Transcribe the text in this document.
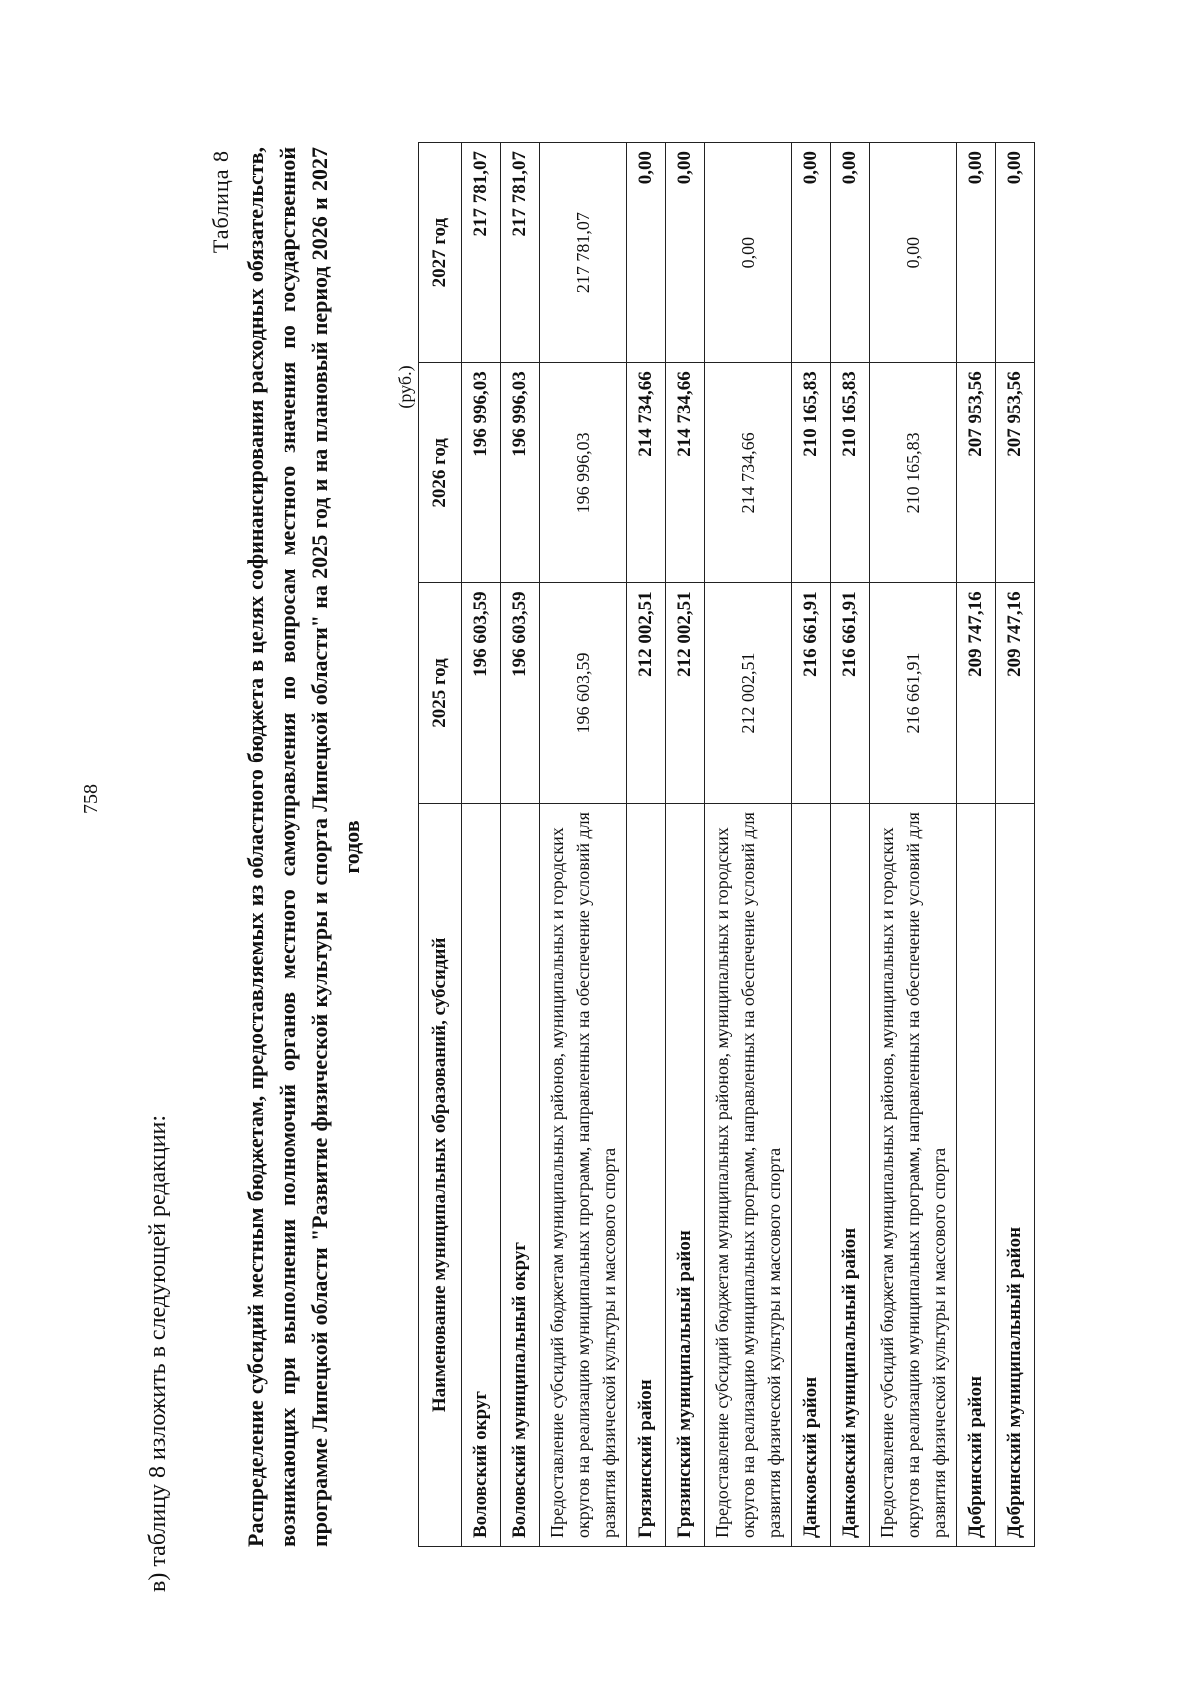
758
в) таблицу 8 изложить в следующей редакции:
Таблица 8 Распределение субсидий местным бюджетам, предоставляемых из областного бюджета в целях софинансирования расходных обязательств, возникающих при выполнении полномочий органов местного самоуправления по вопросам местного значения по государственной программе Липецкой области "Развитие физической культуры и спорта Липецкой области" на 2025 год и на плановый период 2026 и 2027 годов
(руб.)
Наименование муниципальных образований, субсидий	2025 год	2026 год	2027 год
Воловский округ	196 603,59	196 996,03	217 781,07
Воловский муниципальный округ	196 603,59	196 996,03	217 781,07
Предоставление субсидий бюджетам муниципальных районов, муниципальных и городских округов на реализацию муниципальных программ, направленных на обеспечение условий для развития физической культуры и массового спорта	196 603,59	196 996,03	217 781,07
Грязинский район	212 002,51	214 734,66	0,00
Грязинский муниципальный район	212 002,51	214 734,66	0,00
Предоставление субсидий бюджетам муниципальных районов, муниципальных и городских округов на реализацию муниципальных программ, направленных на обеспечение условий для развития физической культуры и массового спорта	212 002,51	214 734,66	0,00
Данковский район	216 661,91	210 165,83	0,00
Данковский муниципальный район	216 661,91	210 165,83	0,00
Предоставление субсидий бюджетам муниципальных районов, муниципальных и городских округов на реализацию муниципальных программ, направленных на обеспечение условий для развития физической культуры и массового спорта	216 661,91	210 165,83	0,00
Добринский район	209 747,16	207 953,56	0,00
Добринский муниципальный район	209 747,16	207 953,56	0,00
